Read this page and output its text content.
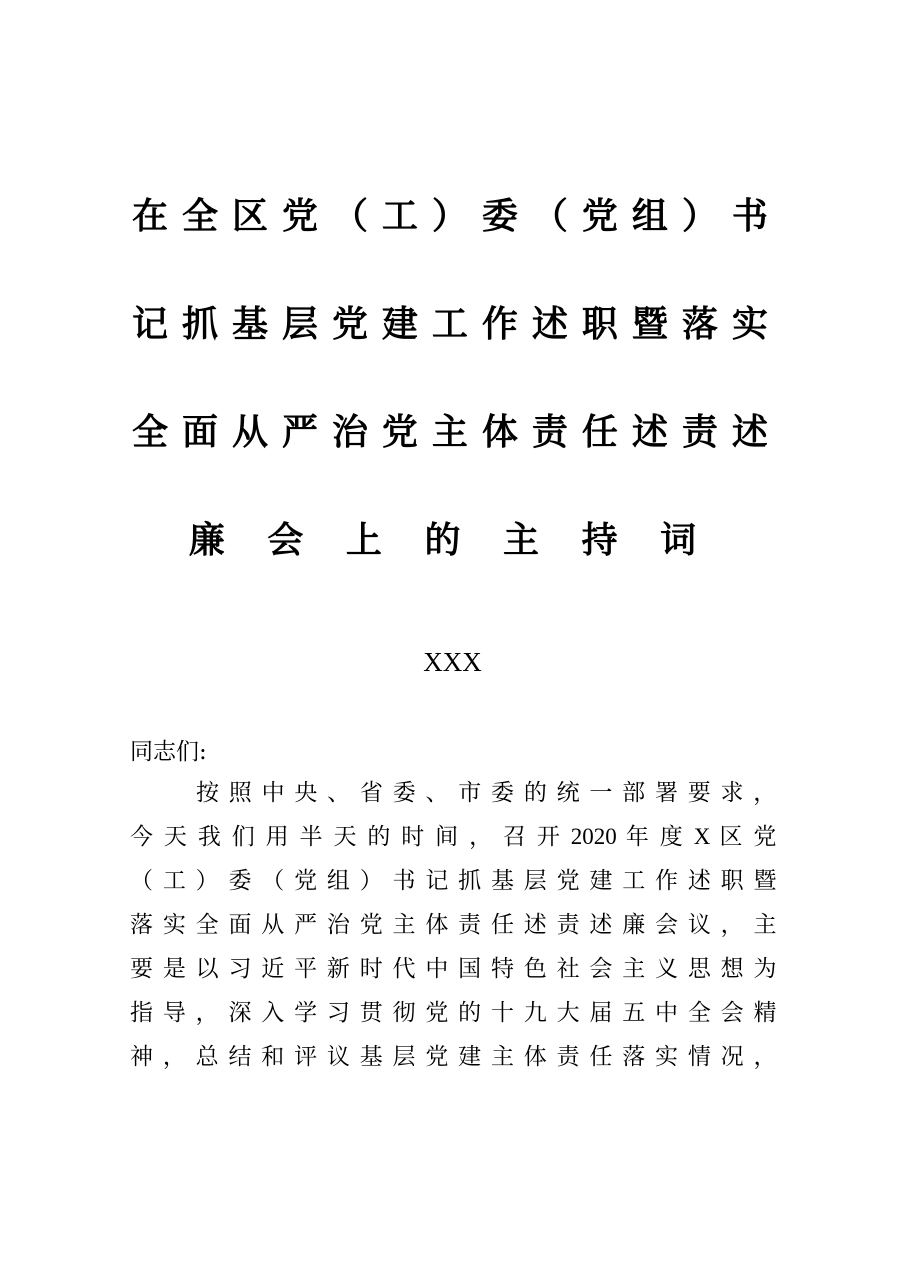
在 全 区 党 （ 工 ） 委 （ 党 组 ） 书
记 抓 基 层 党 建 工 作 述 职 暨 落 实
全 面 从 严 治 党 主 体 责 任 述 责 述
廉 会 上 的 主 持 词
XXX
同志们:
按 照 中 央 、 省 委 、 市 委 的 统 一 部 署 要 求 ，
今 天 我 们 用 半 天 的 时 间 ， 召 开 2020 年 度 X 区 党
（ 工 ） 委 （ 党 组 ） 书 记 抓 基 层 党 建 工 作 述 职 暨
落 实 全 面 从 严 治 党 主 体 责 任 述 责 述 廉 会 议 ， 主
要 是 以 习 近 平 新 时 代 中 国 特 色 社 会 主 义 思 想 为
指 导 ， 深 入 学 习 贯 彻 党 的 十 九 大 届 五 中 全 会 精
神 ， 总 结 和 评 议 基 层 党 建 主 体 责 任 落 实 情 况 ，
